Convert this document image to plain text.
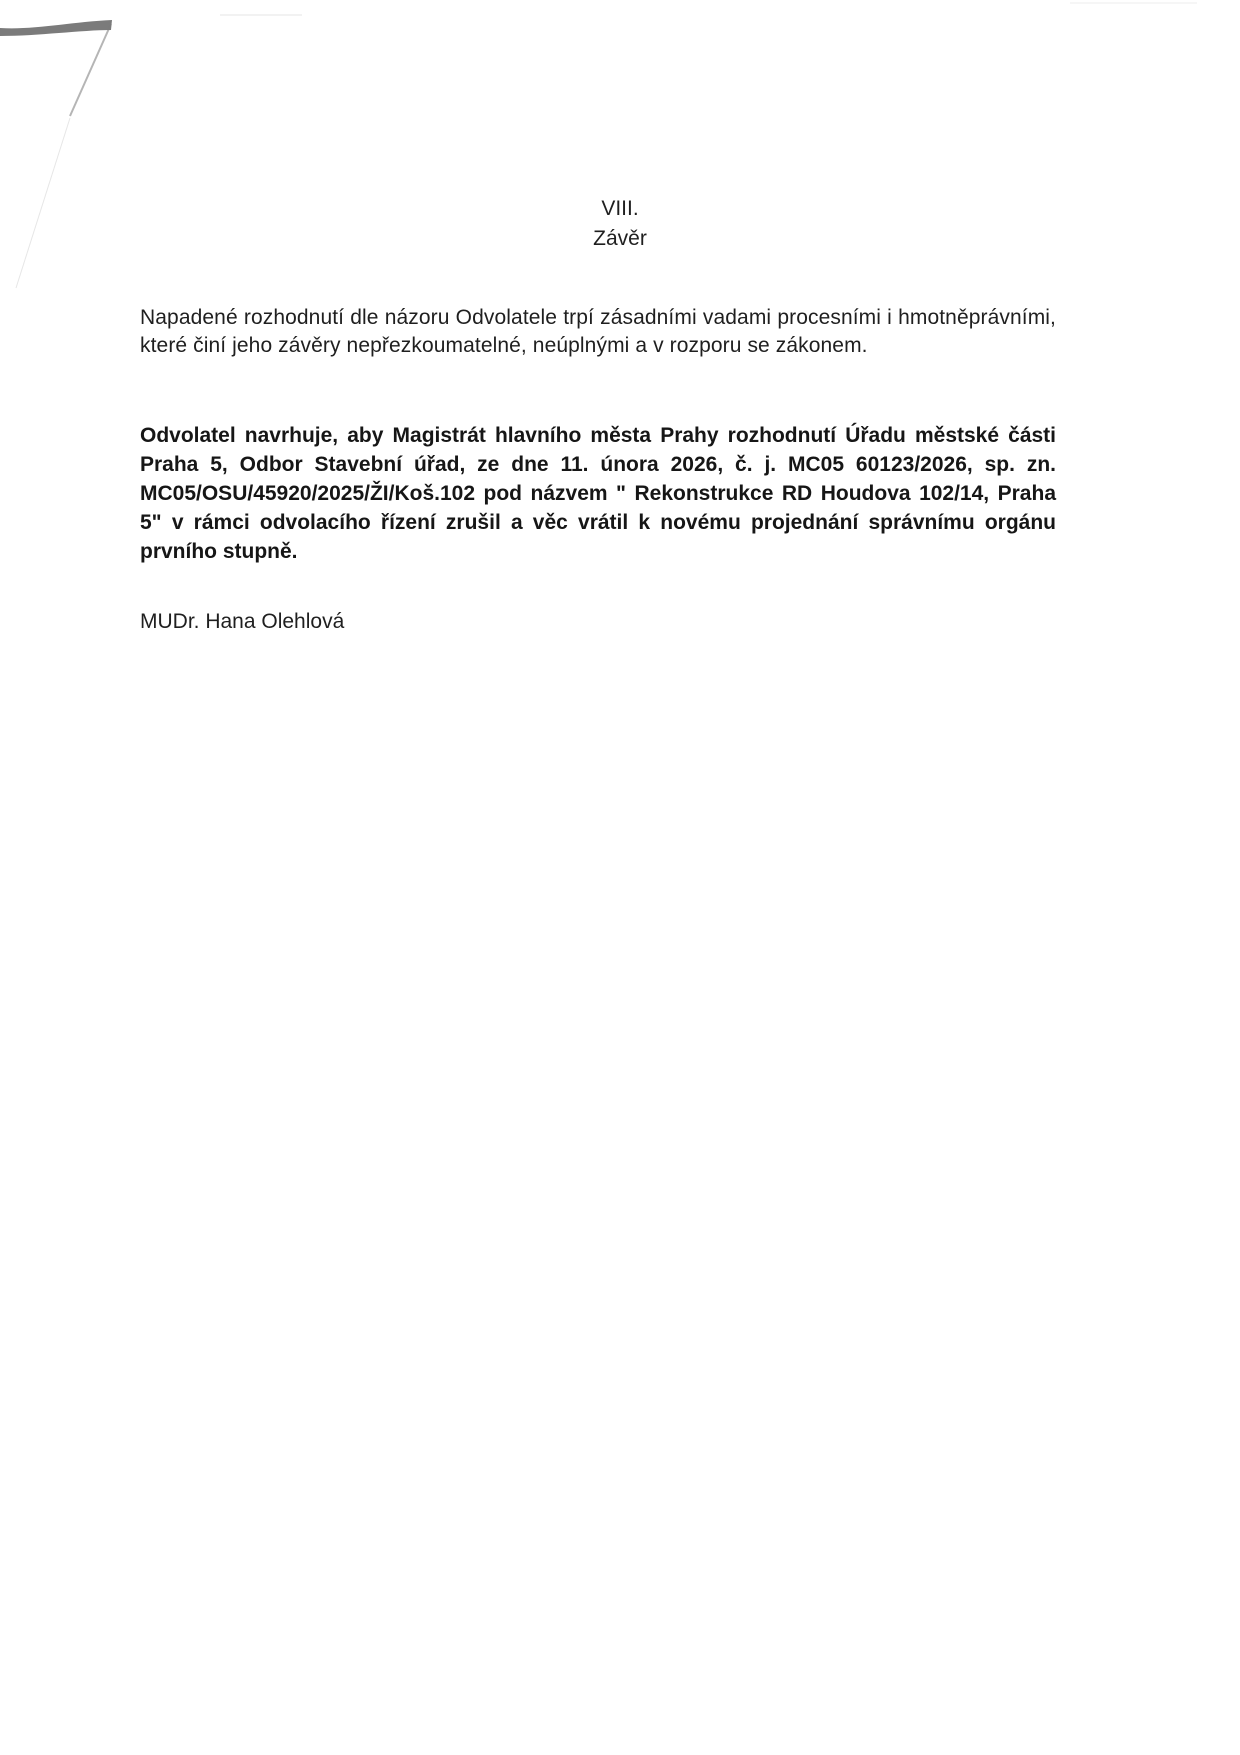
VIII.
Závěr

Napadené rozhodnutí dle názoru Odvolatele trpí zásadními vadami procesními i hmotněprávními, které činí jeho závěry nepřezkoumatelné, neúplnými a v rozporu se zákonem.

Odvolatel navrhuje, aby Magistrát hlavního města Prahy rozhodnutí Úřadu městské části Praha 5, Odbor Stavební úřad, ze dne 11. února 2026, č. j. MC05 60123/2026, sp. zn. MC05/OSU/45920/2025/ŽI/Koš.102 pod názvem " Rekonstrukce RD Houdova 102/14, Praha 5" v rámci odvolacího řízení zrušil a věc vrátil k novému projednání správnímu orgánu prvního stupně.

MUDr. Hana Olehlová
